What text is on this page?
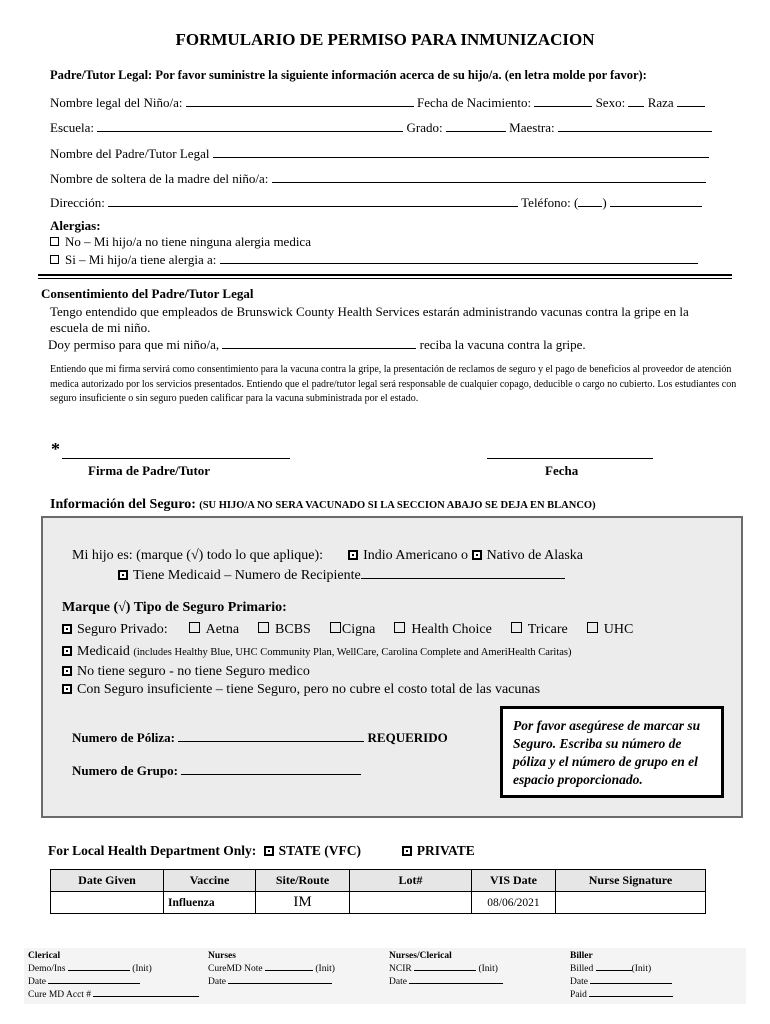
FORMULARIO DE PERMISO PARA INMUNIZACION
Padre/Tutor Legal: Por favor suministre la siguiente información acerca de su hijo/a. (en letra molde por favor):
Nombre legal del Niño/a:	Fecha de Nacimiento:	Sexo: Raza
Escuela:	Grado:	Maestra:
Nombre del Padre/Tutor Legal
Nombre de soltera de la madre del niño/a:
Dirección:	Teléfono: ( )
Alergias:
No – Mi hijo/a no tiene ninguna alergia medica
Si – Mi hijo/a tiene alergia a:
Consentimiento del Padre/Tutor Legal
Tengo entendido que empleados de Brunswick County Health Services estarán administrando vacunas contra la gripe en la
escuela de mi niño.
Doy permiso para que mi niño/a,	reciba la vacuna contra la gripe.
Entiendo que mi firma servirá como consentimiento para la vacuna contra la gripe, la presentación de reclamos de seguro y el pago de beneficios al proveedor de atención medica autorizado por los servicios presentados. Entiendo que el padre/tutor legal será responsable de cualquier copago, deducible o cargo no cubierto. Los estudiantes con seguro insuficiente o sin seguro pueden calificar para la vacuna subministrada por el estado.
*
Firma de Padre/Tutor	Fecha
Información del Seguro: (SU HIJO/A NO SERA VACUNADO SI LA SECCION ABAJO SE DEJA EN BLANCO)
Mi hijo es: (marque (√) todo lo que aplique):	Indio Americano o Nativo de Alaska
Tiene Medicaid – Numero de Recipiente
Marque (√) Tipo de Seguro Primario:
Seguro Privado:	Aetna	BCBS Cigna	Health Choice	Tricare	UHC
Medicaid (includes Healthy Blue, UHC Community Plan, WellCare, Carolina Complete and AmeriHealth Caritas)
No tiene seguro - no tiene Seguro medico
Con Seguro insuficiente – tiene Seguro, pero no cubre el costo total de las vacunas
Numero de Póliza:	REQUERIDO
Numero de Grupo:
Por favor asegúrese de marcar su Seguro. Escriba su número de póliza y el número de grupo en el espacio proporcionado.
For Local Health Department Only: STATE (VFC)	PRIVATE
Date Given	Vaccine	Site/Route	Lot#	VIS Date	Nurse Signature
	Influenza	IM		08/06/2021	
Clerical
Demo/Ins	(Init)
Date
Cure MD Acct #
Nurses
CureMD Note	(Init)
Date
Nurses/Clerical
NCIR	(Init)
Date
Biller
Billed	(Init)
Date
Paid
